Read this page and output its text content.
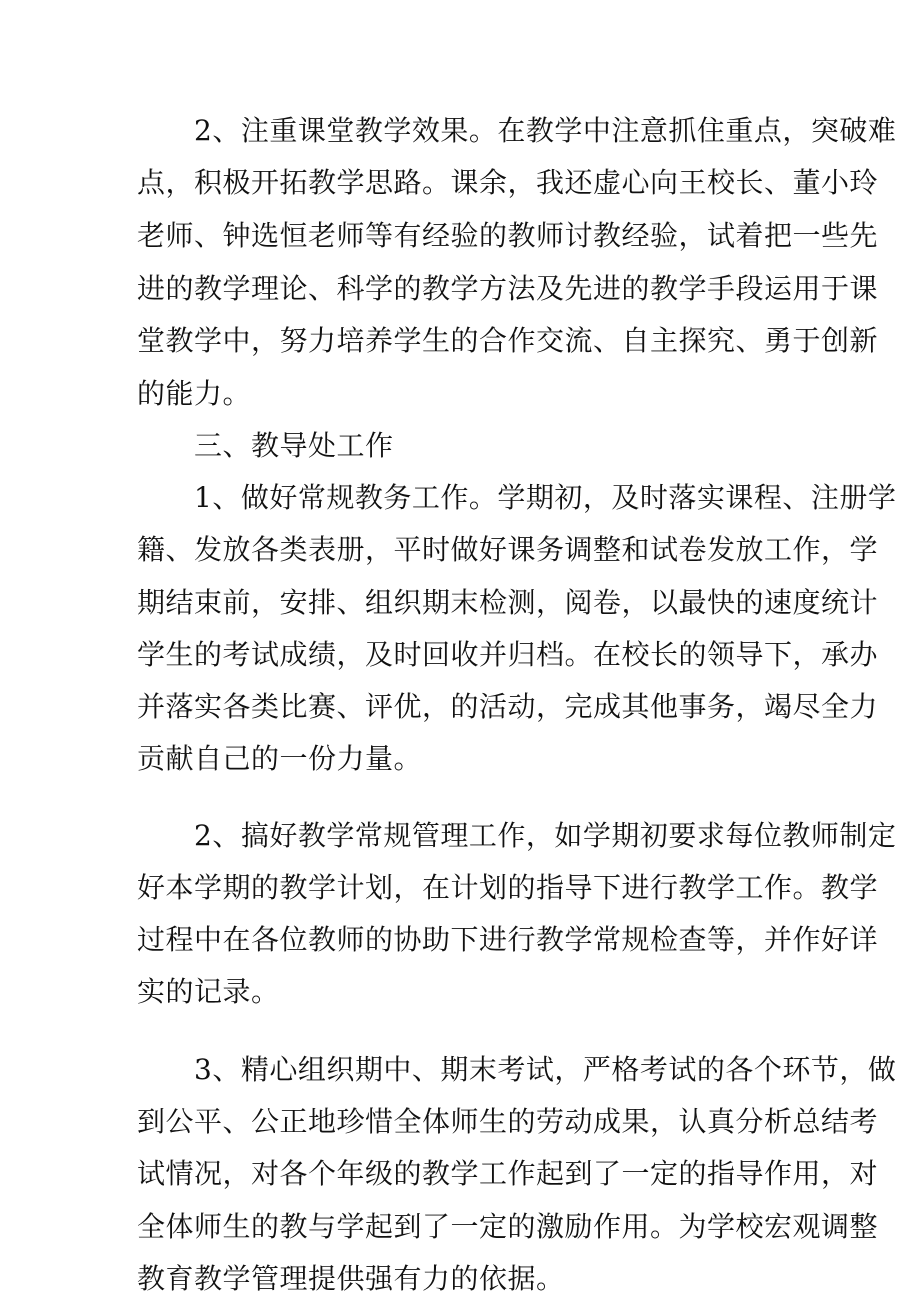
　　2、注重课堂教学效果。在教学中注意抓住重点，突破难
点，积极开拓教学思路。课余，我还虚心向王校长、董小玲
老师、钟选恒老师等有经验的教师讨教经验，试着把一些先
进的教学理论、科学的教学方法及先进的教学手段运用于课
堂教学中，努力培养学生的合作交流、自主探究、勇于创新
的能力。
　　三、教导处工作
　　1、做好常规教务工作。学期初，及时落实课程、注册学
籍、发放各类表册，平时做好课务调整和试卷发放工作，学
期结束前，安排、组织期末检测，阅卷，以最快的速度统计
学生的考试成绩，及时回收并归档。在校长的领导下，承办
并落实各类比赛、评优，的活动，完成其他事务，竭尽全力
贡献自己的一份力量。
　　2、搞好教学常规管理工作，如学期初要求每位教师制定
好本学期的教学计划，在计划的指导下进行教学工作。教学
过程中在各位教师的协助下进行教学常规检查等，并作好详
实的记录。
　　3、精心组织期中、期末考试，严格考试的各个环节，做
到公平、公正地珍惜全体师生的劳动成果，认真分析总结考
试情况，对各个年级的教学工作起到了一定的指导作用，对
全体师生的教与学起到了一定的激励作用。为学校宏观调整
教育教学管理提供强有力的依据。
